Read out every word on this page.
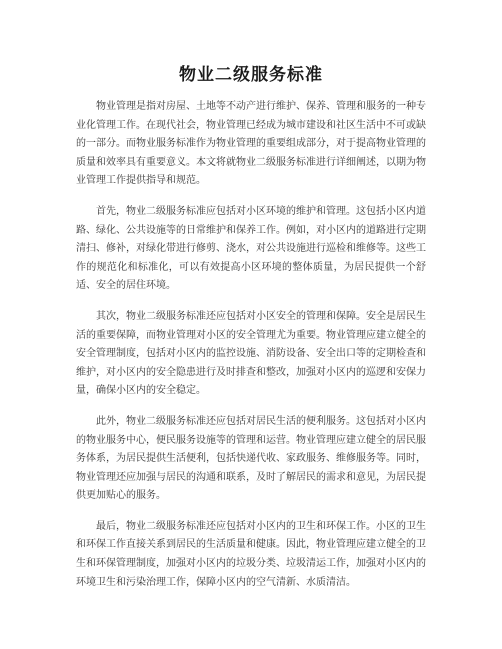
物业二级服务标准

物业管理是指对房屋、土地等不动产进行维护、保养、管理和服务的一种专业化管理工作。在现代社会，物业管理已经成为城市建设和社区生活中不可或缺的一部分。而物业服务标准作为物业管理的重要组成部分，对于提高物业管理的质量和效率具有重要意义。本文将就物业二级服务标准进行详细阐述，以期为物业管理工作提供指导和规范。

首先，物业二级服务标准应包括对小区环境的维护和管理。这包括小区内道路、绿化、公共设施等的日常维护和保养工作。例如，对小区内的道路进行定期清扫、修补，对绿化带进行修剪、浇水，对公共设施进行巡检和维修等。这些工作的规范化和标准化，可以有效提高小区环境的整体质量，为居民提供一个舒适、安全的居住环境。

其次，物业二级服务标准还应包括对小区安全的管理和保障。安全是居民生活的重要保障，而物业管理对小区的安全管理尤为重要。物业管理应建立健全的安全管理制度，包括对小区内的监控设施、消防设备、安全出口等的定期检查和维护，对小区内的安全隐患进行及时排查和整改，加强对小区内的巡逻和安保力量，确保小区内的安全稳定。

此外，物业二级服务标准还应包括对居民生活的便利服务。这包括对小区内的物业服务中心，便民服务设施等的管理和运营。物业管理应建立健全的居民服务体系，为居民提供生活便利，包括快递代收、家政服务、维修服务等。同时，物业管理还应加强与居民的沟通和联系，及时了解居民的需求和意见，为居民提供更加贴心的服务。

最后，物业二级服务标准还应包括对小区内的卫生和环保工作。小区的卫生和环保工作直接关系到居民的生活质量和健康。因此，物业管理应建立健全的卫生和环保管理制度，加强对小区内的垃圾分类、垃圾清运工作，加强对小区内的环境卫生和污染治理工作，保障小区内的空气清新、水质清洁。
